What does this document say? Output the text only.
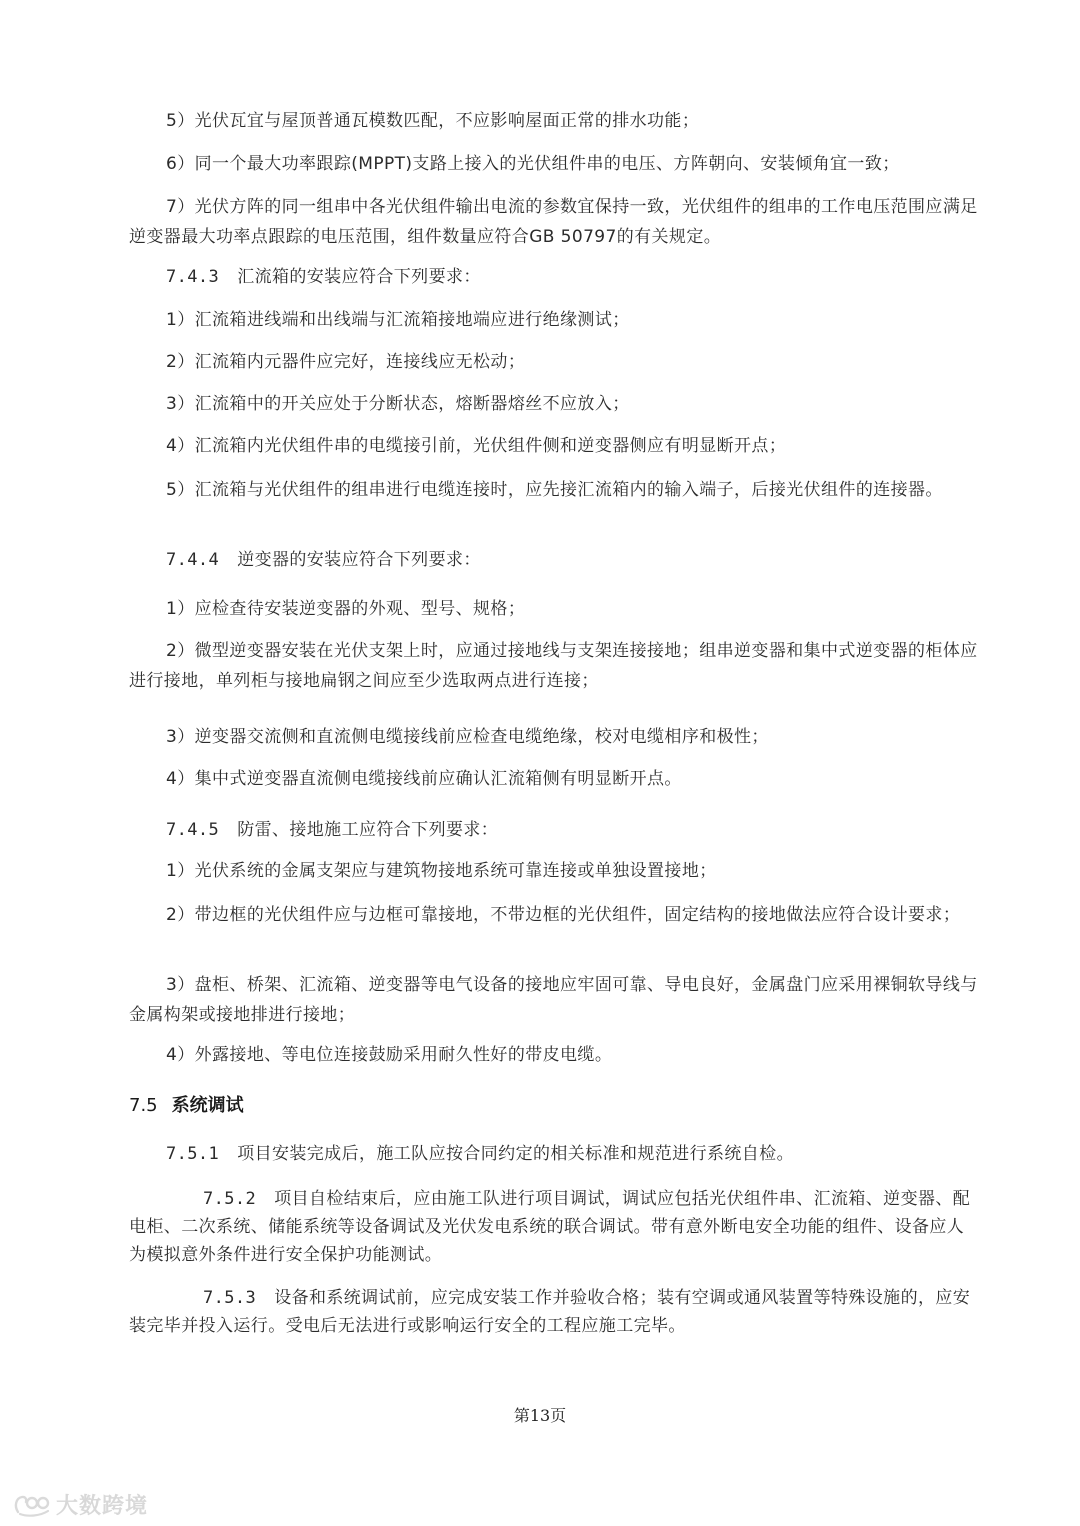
5）光伏瓦宜与屋顶普通瓦模数匹配，不应影响屋面正常的排水功能；
6）同一个最大功率跟踪(MPPT)支路上接入的光伏组件串的电压、方阵朝向、安装倾角宜一致；
7）光伏方阵的同一组串中各光伏组件输出电流的参数宜保持一致，光伏组件的组串的工作电压范围应满足逆变器最大功率点跟踪的电压范围，组件数量应符合GB 50797的有关规定。
7.4.3 汇流箱的安装应符合下列要求：
1）汇流箱进线端和出线端与汇流箱接地端应进行绝缘测试；
2）汇流箱内元器件应完好，连接线应无松动；
3）汇流箱中的开关应处于分断状态，熔断器熔丝不应放入；
4）汇流箱内光伏组件串的电缆接引前，光伏组件侧和逆变器侧应有明显断开点；
5）汇流箱与光伏组件的组串进行电缆连接时，应先接汇流箱内的输入端子，后接光伏组件的连接器。
7.4.4 逆变器的安装应符合下列要求：
1）应检查待安装逆变器的外观、型号、规格；
2）微型逆变器安装在光伏支架上时，应通过接地线与支架连接接地；组串逆变器和集中式逆变器的柜体应进行接地，单列柜与接地扁钢之间应至少选取两点进行连接；
3）逆变器交流侧和直流侧电缆接线前应检查电缆绝缘，校对电缆相序和极性；
4）集中式逆变器直流侧电缆接线前应确认汇流箱侧有明显断开点。
7.4.5 防雷、接地施工应符合下列要求：
1）光伏系统的金属支架应与建筑物接地系统可靠连接或单独设置接地；
2）带边框的光伏组件应与边框可靠接地，不带边框的光伏组件，固定结构的接地做法应符合设计要求；
3）盘柜、桥架、汇流箱、逆变器等电气设备的接地应牢固可靠、导电良好，金属盘门应采用裸铜软导线与金属构架或接地排进行接地；
4）外露接地、等电位连接鼓励采用耐久性好的带皮电缆。
7.5 系统调试
7.5.1 项目安装完成后，施工队应按合同约定的相关标准和规范进行系统自检。
7.5.2 项目自检结束后，应由施工队进行项目调试，调试应包括光伏组件串、汇流箱、逆变器、配电柜、二次系统、储能系统等设备调试及光伏发电系统的联合调试。带有意外断电安全功能的组件、设备应人为模拟意外条件进行安全保护功能测试。
7.5.3 设备和系统调试前，应完成安装工作并验收合格；装有空调或通风装置等特殊设施的，应安装完毕并投入运行。受电后无法进行或影响运行安全的工程应施工完毕。
第13页
大数跨境
